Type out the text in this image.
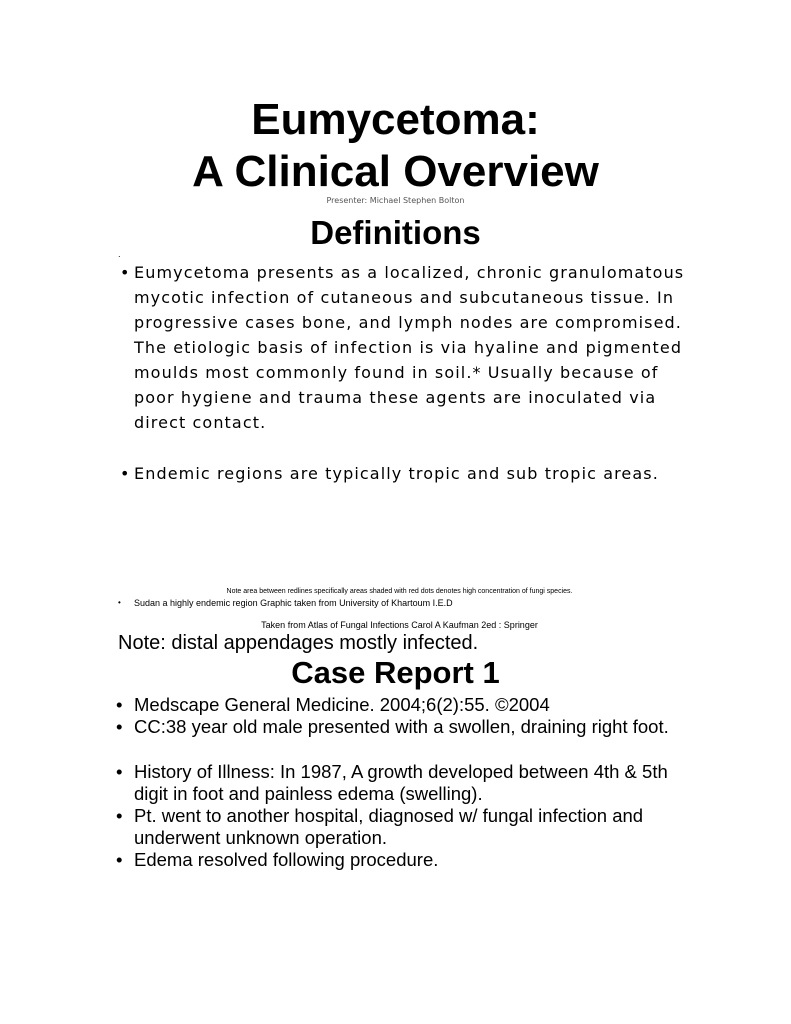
Eumycetoma:
A Clinical Overview
Presenter: Michael Stephen Bolton
Definitions
.
• Eumycetoma presents as a localized, chronic granulomatous mycotic infection of cutaneous and subcutaneous tissue. In progressive cases bone, and lymph nodes are compromised. The etiologic basis of infection is via hyaline and pigmented moulds most commonly found in soil.* Usually because of poor hygiene and trauma these agents are inoculated via direct contact.
• Endemic regions are typically tropic and sub tropic areas.
Note area between redlines specifically areas shaded with red dots denotes high concentration of fungi species.
• Sudan a highly endemic region Graphic taken from University of Khartoum I.E.D
Taken from Atlas of Fungal Infections Carol A Kaufman 2ed : Springer
Note: distal appendages mostly infected.
Case Report 1
• Medscape General Medicine. 2004;6(2):55. ©2004
• CC:38 year old male presented with a swollen, draining right foot.
• History of Illness: In 1987, A growth developed between 4th & 5th digit in foot and painless edema (swelling).
• Pt. went to another hospital, diagnosed w/ fungal infection and underwent unknown operation.
• Edema resolved following procedure.
